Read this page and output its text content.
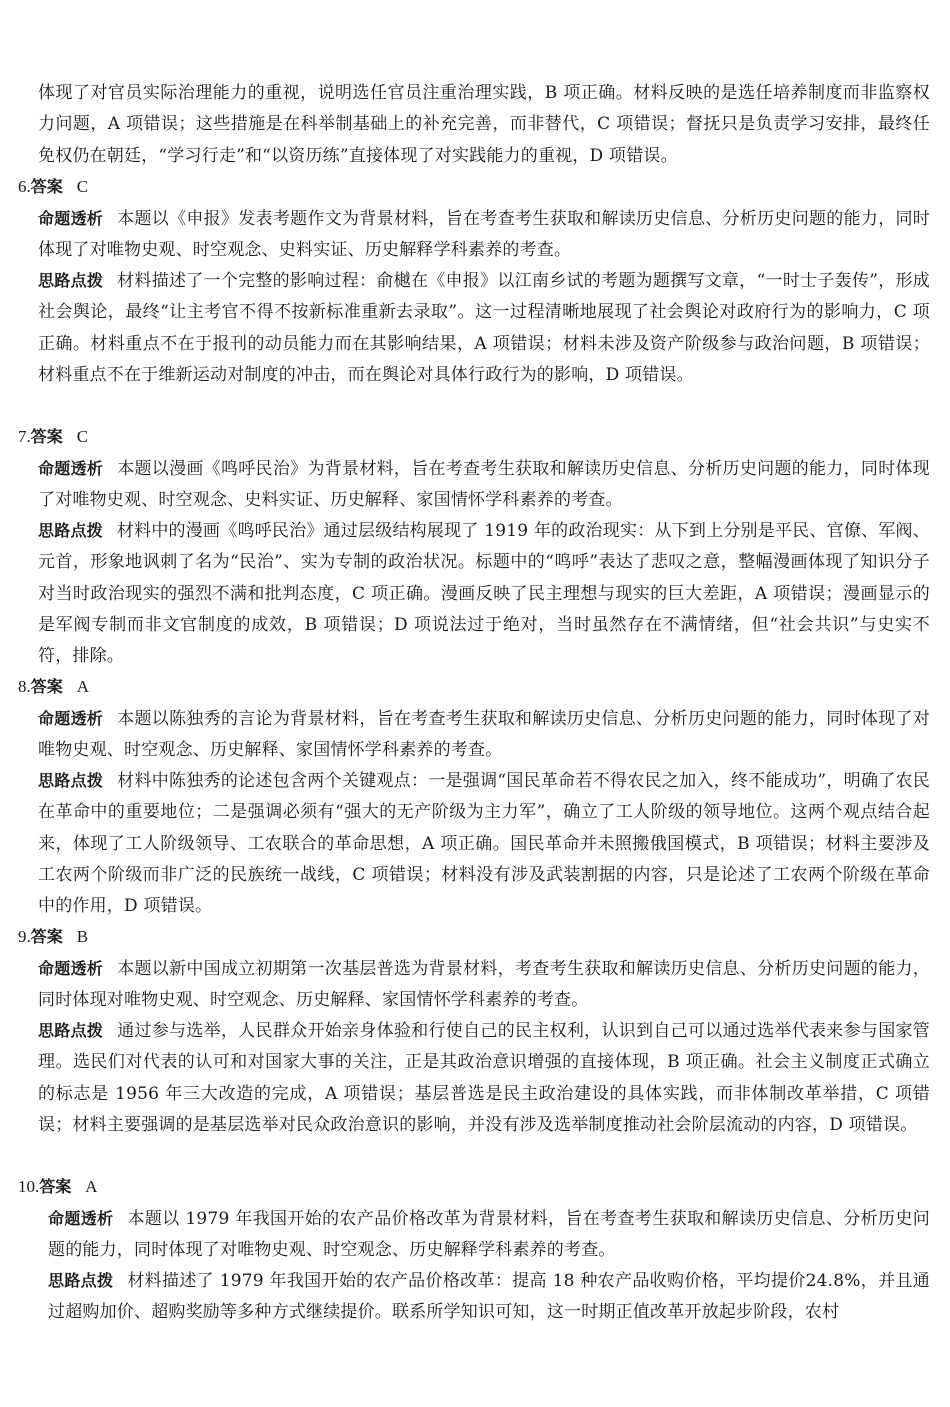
体现了对官员实际治理能力的重视，说明选任官员注重治理实践，B 项正确。材料反映的是选任培养制度而非监察权力问题，A 项错误；这些措施是在科举制基础上的补充完善，而非替代，C 项错误；督抚只是负责学习安排，最终任免权仍在朝廷，“学习行走”和“以资历练”直接体现了对实践能力的重视，D 项错误。

6.答案 C

命题透析 本题以《申报》发表考题作文为背景材料，旨在考查考生获取和解读历史信息、分析历史问题的能力，同时体现了对唯物史观、时空观念、史料实证、历史解释学科素养的考查。

思路点拨 材料描述了一个完整的影响过程：俞樾在《申报》以江南乡试的考题为题撰写文章，“一时士子轰传”，形成社会舆论，最终“让主考官不得不按新标准重新去录取”。这一过程清晰地展现了社会舆论对政府行为的影响力，C 项正确。材料重点不在于报刊的动员能力而在其影响结果，A 项错误；材料未涉及资产阶级参与政治问题，B 项错误；材料重点不在于维新运动对制度的冲击，而在舆论对具体行政行为的影响，D 项错误。

7.答案 C

命题透析 本题以漫画《鸣呼民治》为背景材料，旨在考查考生获取和解读历史信息、分析历史问题的能力，同时体现了对唯物史观、时空观念、史料实证、历史解释、家国情怀学科素养的考查。

思路点拨 材料中的漫画《鸣呼民治》通过层级结构展现了 1919 年的政治现实：从下到上分别是平民、官僚、军阀、元首，形象地讽刺了名为“民治”、实为专制的政治状况。标题中的“鸣呼”表达了悲叹之意，整幅漫画体现了知识分子对当时政治现实的强烈不满和批判态度，C 项正确。漫画反映了民主理想与现实的巨大差距，A 项错误；漫画显示的是军阀专制而非文官制度的成效，B 项错误；D 项说法过于绝对，当时虽然存在不满情绪，但“社会共识”与史实不符，排除。

8.答案 A

命题透析 本题以陈独秀的言论为背景材料，旨在考查考生获取和解读历史信息、分析历史问题的能力，同时体现了对唯物史观、时空观念、历史解释、家国情怀学科素养的考查。

思路点拨 材料中陈独秀的论述包含两个关键观点：一是强调“国民革命若不得农民之加入，终不能成功”，明确了农民在革命中的重要地位；二是强调必须有“强大的无产阶级为主力军”，确立了工人阶级的领导地位。这两个观点结合起来，体现了工人阶级领导、工农联合的革命思想，A 项正确。国民革命并未照搬俄国模式，B 项错误；材料主要涉及工农两个阶级而非广泛的民族统一战线，C 项错误；材料没有涉及武装割据的内容，只是论述了工农两个阶级在革命中的作用，D 项错误。

9.答案 B

命题透析 本题以新中国成立初期第一次基层普选为背景材料，考查考生获取和解读历史信息、分析历史问题的能力，同时体现对唯物史观、时空观念、历史解释、家国情怀学科素养的考查。

思路点拨 通过参与选举，人民群众开始亲身体验和行使自己的民主权利，认识到自己可以通过选举代表来参与国家管理。选民们对代表的认可和对国家大事的关注，正是其政治意识增强的直接体现，B 项正确。社会主义制度正式确立的标志是 1956 年三大改造的完成，A 项错误；基层普选是民主政治建设的具体实践，而非体制改革举措，C 项错误；材料主要强调的是基层选举对民众政治意识的影响，并没有涉及选举制度推动社会阶层流动的内容，D 项错误。

10.答案 A

命题透析 本题以 1979 年我国开始的农产品价格改革为背景材料，旨在考查考生获取和解读历史信息、分析历史问题的能力，同时体现了对唯物史观、时空观念、历史解释学科素养的考查。

思路点拨 材料描述了 1979 年我国开始的农产品价格改革：提高 18 种农产品收购价格，平均提价24.8%，并且通过超购加价、超购奖励等多种方式继续提价。联系所学知识可知，这一时期正值改革开放起步阶段，农村
